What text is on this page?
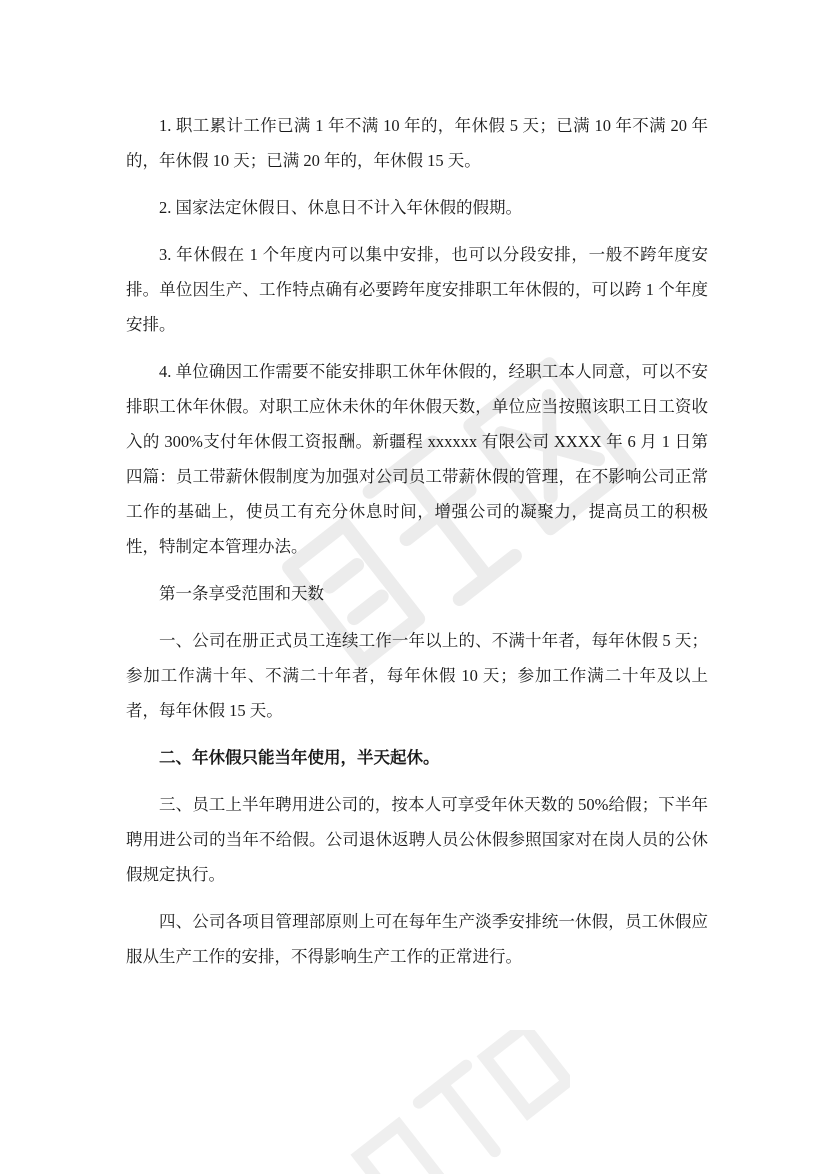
1. 职工累计工作已满 1 年不满 10 年的，年休假 5 天；已满 10 年不满 20 年的，年休假 10 天；已满 20 年的，年休假 15 天。

2. 国家法定休假日、休息日不计入年休假的假期。

3. 年休假在 1 个年度内可以集中安排，也可以分段安排，一般不跨年度安排。单位因生产、工作特点确有必要跨年度安排职工年休假的，可以跨 1 个年度安排。

4. 单位确因工作需要不能安排职工休年休假的，经职工本人同意，可以不安排职工休年休假。对职工应休未休的年休假天数，单位应当按照该职工日工资收入的 300%支付年休假工资报酬。新疆程 xxxxxx 有限公司 XXXX 年 6 月 1 日第四篇：员工带薪休假制度为加强对公司员工带薪休假的管理，在不影响公司正常工作的基础上，使员工有充分休息时间，增强公司的凝聚力，提高员工的积极性，特制定本管理办法。

第一条享受范围和天数

一、公司在册正式员工连续工作一年以上的、不满十年者，每年休假 5 天；参加工作满十年、不满二十年者，每年休假 10 天；参加工作满二十年及以上者，每年休假 15 天。

二、年休假只能当年使用，半天起休。

三、员工上半年聘用进公司的，按本人可享受年休天数的 50%给假；下半年聘用进公司的当年不给假。公司退休返聘人员公休假参照国家对在岗人员的公休假规定执行。

四、公司各项目管理部原则上可在每年生产淡季安排统一休假，员工休假应服从生产工作的安排，不得影响生产工作的正常进行。
